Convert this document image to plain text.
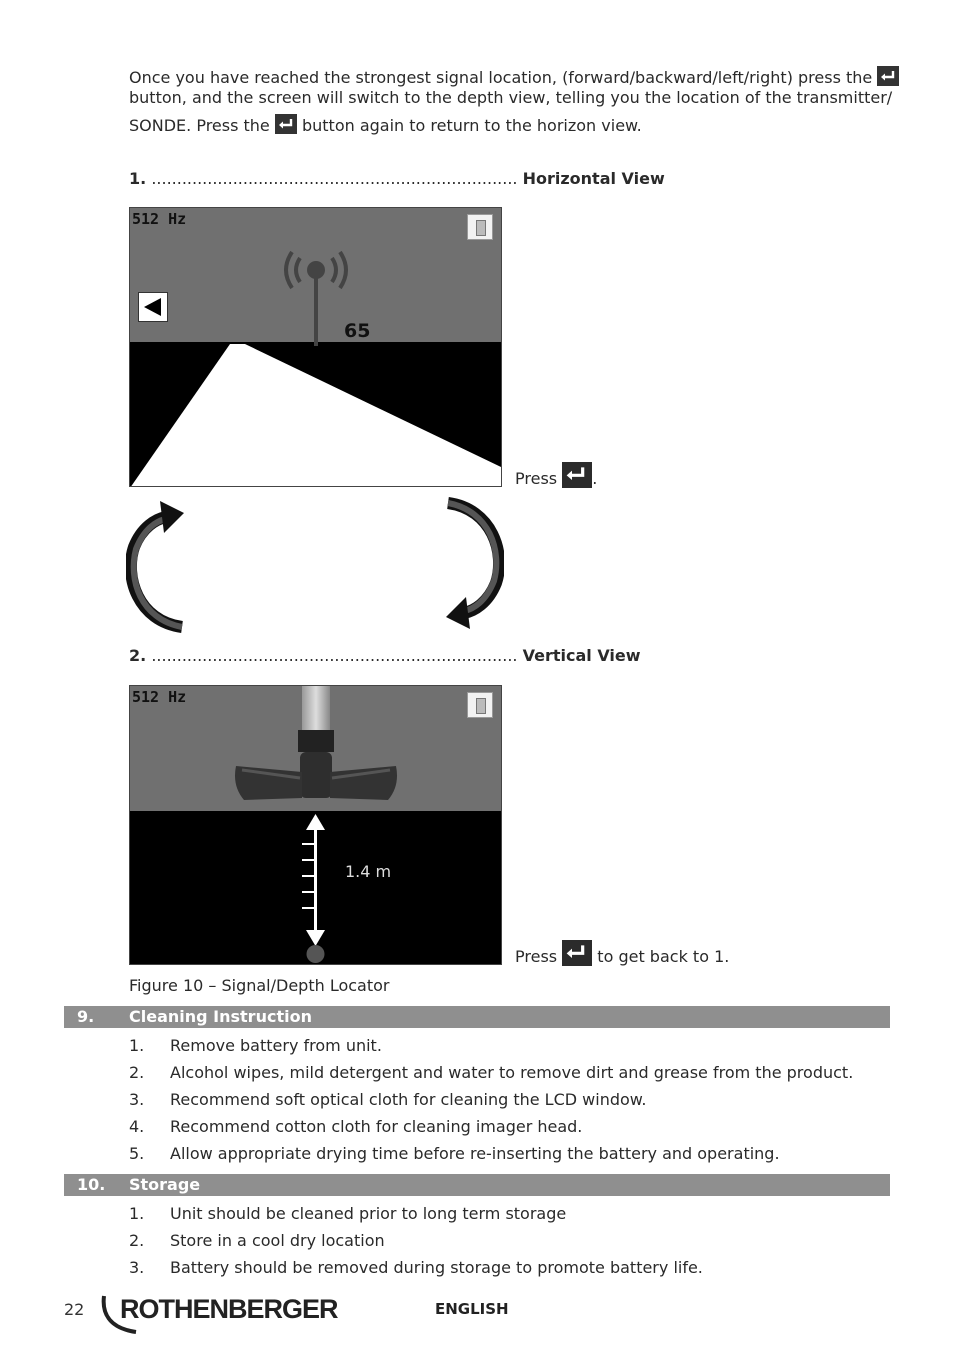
Once you have reached the strongest signal location, (forward/backward/left/right) press the
button, and the screen will switch to the depth view, telling you the location of the transmitter/
SONDE. Press the button again to return to the horizon view.
1. ........................................................................ Horizontal View
512 Hz
65
Press .
2. ........................................................................ Vertical View
512 Hz
1.4 m
Press	to get back to 1.
Figure 10 – Signal/Depth Locator
9. Cleaning Instruction
1. Remove battery from unit.
2. Alcohol wipes, mild detergent and water to remove dirt and grease from the product.
3. Recommend soft optical cloth for cleaning the LCD window.
4. Recommend cotton cloth for cleaning imager head.
5. Allow appropriate drying time before re-inserting the battery and operating.
10. Storage
1. Unit should be cleaned prior to long term storage
2. Store in a cool dry location
3. Battery should be removed during storage to promote battery life.
22 ROTHENBERGER	ENGLISH
